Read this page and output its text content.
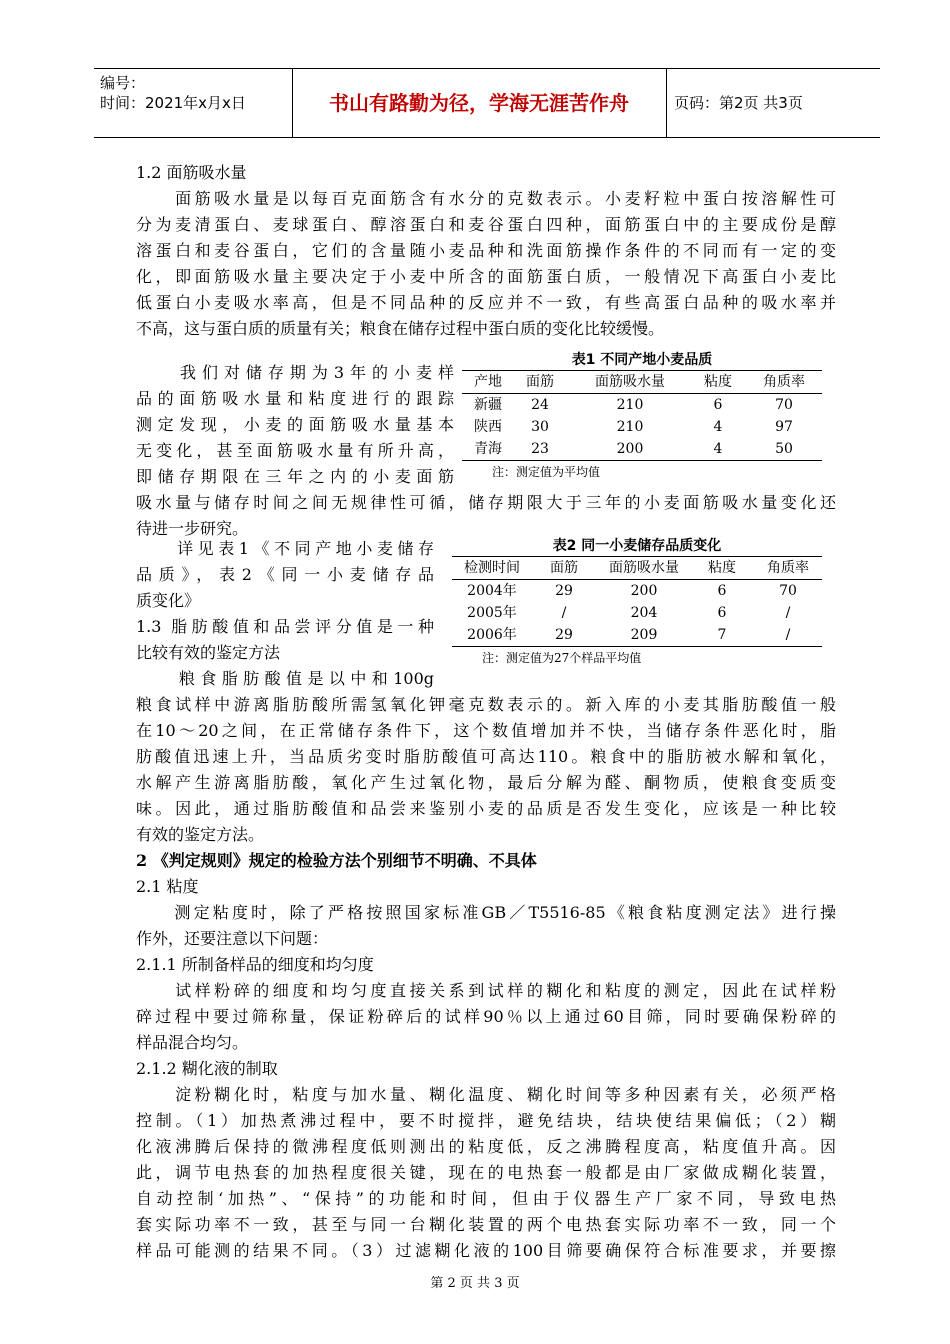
编号：
时间：2021年x月x日	书山有路勤为径，学海无涯苦作舟	页码：第2页 共3页
1.2 面筋吸水量
　　面筋吸水量是以每百克面筋含有水分的克数表示。小麦籽粒中蛋白按溶解性可
分为麦清蛋白、麦球蛋白、醇溶蛋白和麦谷蛋白四种，面筋蛋白中的主要成份是醇
溶蛋白和麦谷蛋白，它们的含量随小麦品种和洗面筋操作条件的不同而有一定的变
化，即面筋吸水量主要决定于小麦中所含的面筋蛋白质，一般情况下高蛋白小麦比
低蛋白小麦吸水率高，但是不同品种的反应并不一致，有些高蛋白品种的吸水率并
不高，这与蛋白质的质量有关；粮食在储存过程中蛋白质的变化比较缓慢。
　　我们对储存期为3年的小麦样
品的面筋吸水量和粘度进行的跟踪
测定发现，小麦的面筋吸水量基本
无变化，甚至面筋吸水量有所升高，
即储存期限在三年之内的小麦面筋
吸水量与储存时间之间无规律性可循，储存期限大于三年的小麦面筋吸水量变化还
待进一步研究。
　　详见表1《不同产地小麦储存
品质》，表2《同一小麦储存品
质变化》
1.3 脂肪酸值和品尝评分值是一种
比较有效的鉴定方法
　　粮食脂肪酸值是以中和100g
粮食试样中游离脂肪酸所需氢氧化钾毫克数表示的。新入库的小麦其脂肪酸值一般
在10～20之间，在正常储存条件下，这个数值增加并不快，当储存条件恶化时，脂
肪酸值迅速上升，当品质劣变时脂肪酸值可高达110。粮食中的脂肪被水解和氧化，
水解产生游离脂肪酸，氧化产生过氧化物，最后分解为醛、酮物质，使粮食变质变
味。因此，通过脂肪酸值和品尝来鉴别小麦的品质是否发生变化，应该是一种比较
有效的鉴定方法。
2 《判定规则》规定的检验方法个别细节不明确、不具体
2.1 粘度
　　测定粘度时，除了严格按照国家标准GB／T5516-85《粮食粘度测定法》进行操
作外，还要注意以下问题：
2.1.1 所制备样品的细度和均匀度
　　试样粉碎的细度和均匀度直接关系到试样的糊化和粘度的测定，因此在试样粉
碎过程中要过筛称量，保证粉碎后的试样90％以上通过60目筛，同时要确保粉碎的
样品混合均匀。
2.1.2 糊化液的制取
　　淀粉糊化时，粘度与加水量、糊化温度、糊化时间等多种因素有关，必须严格
控制。（1）加热煮沸过程中，要不时搅拌，避免结块，结块使结果偏低；（2）糊
化液沸腾后保持的微沸程度低则测出的粘度低，反之沸腾程度高，粘度值升高。因
此，调节电热套的加热程度很关键，现在的电热套一般都是由厂家做成糊化装置，
自动控制‘加热”、“保持”的功能和时间，但由于仪器生产厂家不同，导致电热
套实际功率不一致，甚至与同一台糊化装置的两个电热套实际功率不一致，同一个
样品可能测的结果不同。（3）过滤糊化液的100目筛要确保符合标准要求，并要擦
表1 不同产地小麦品质
产地 面筋	面筋吸水量	粘度 角质率
新疆 24	210	6	70
陕西 30	210	4	97
青海 23	200	4	50
注：测定值为平均值
表2 同一小麦储存品质变化
检测时间 面筋 面筋吸水量 粘度 角质率
2004年	29	200	6	70
2005年	/	204	6	/
2006年	29	209	7	/
注：测定值为27个样品平均值
第 2 页 共 3 页
